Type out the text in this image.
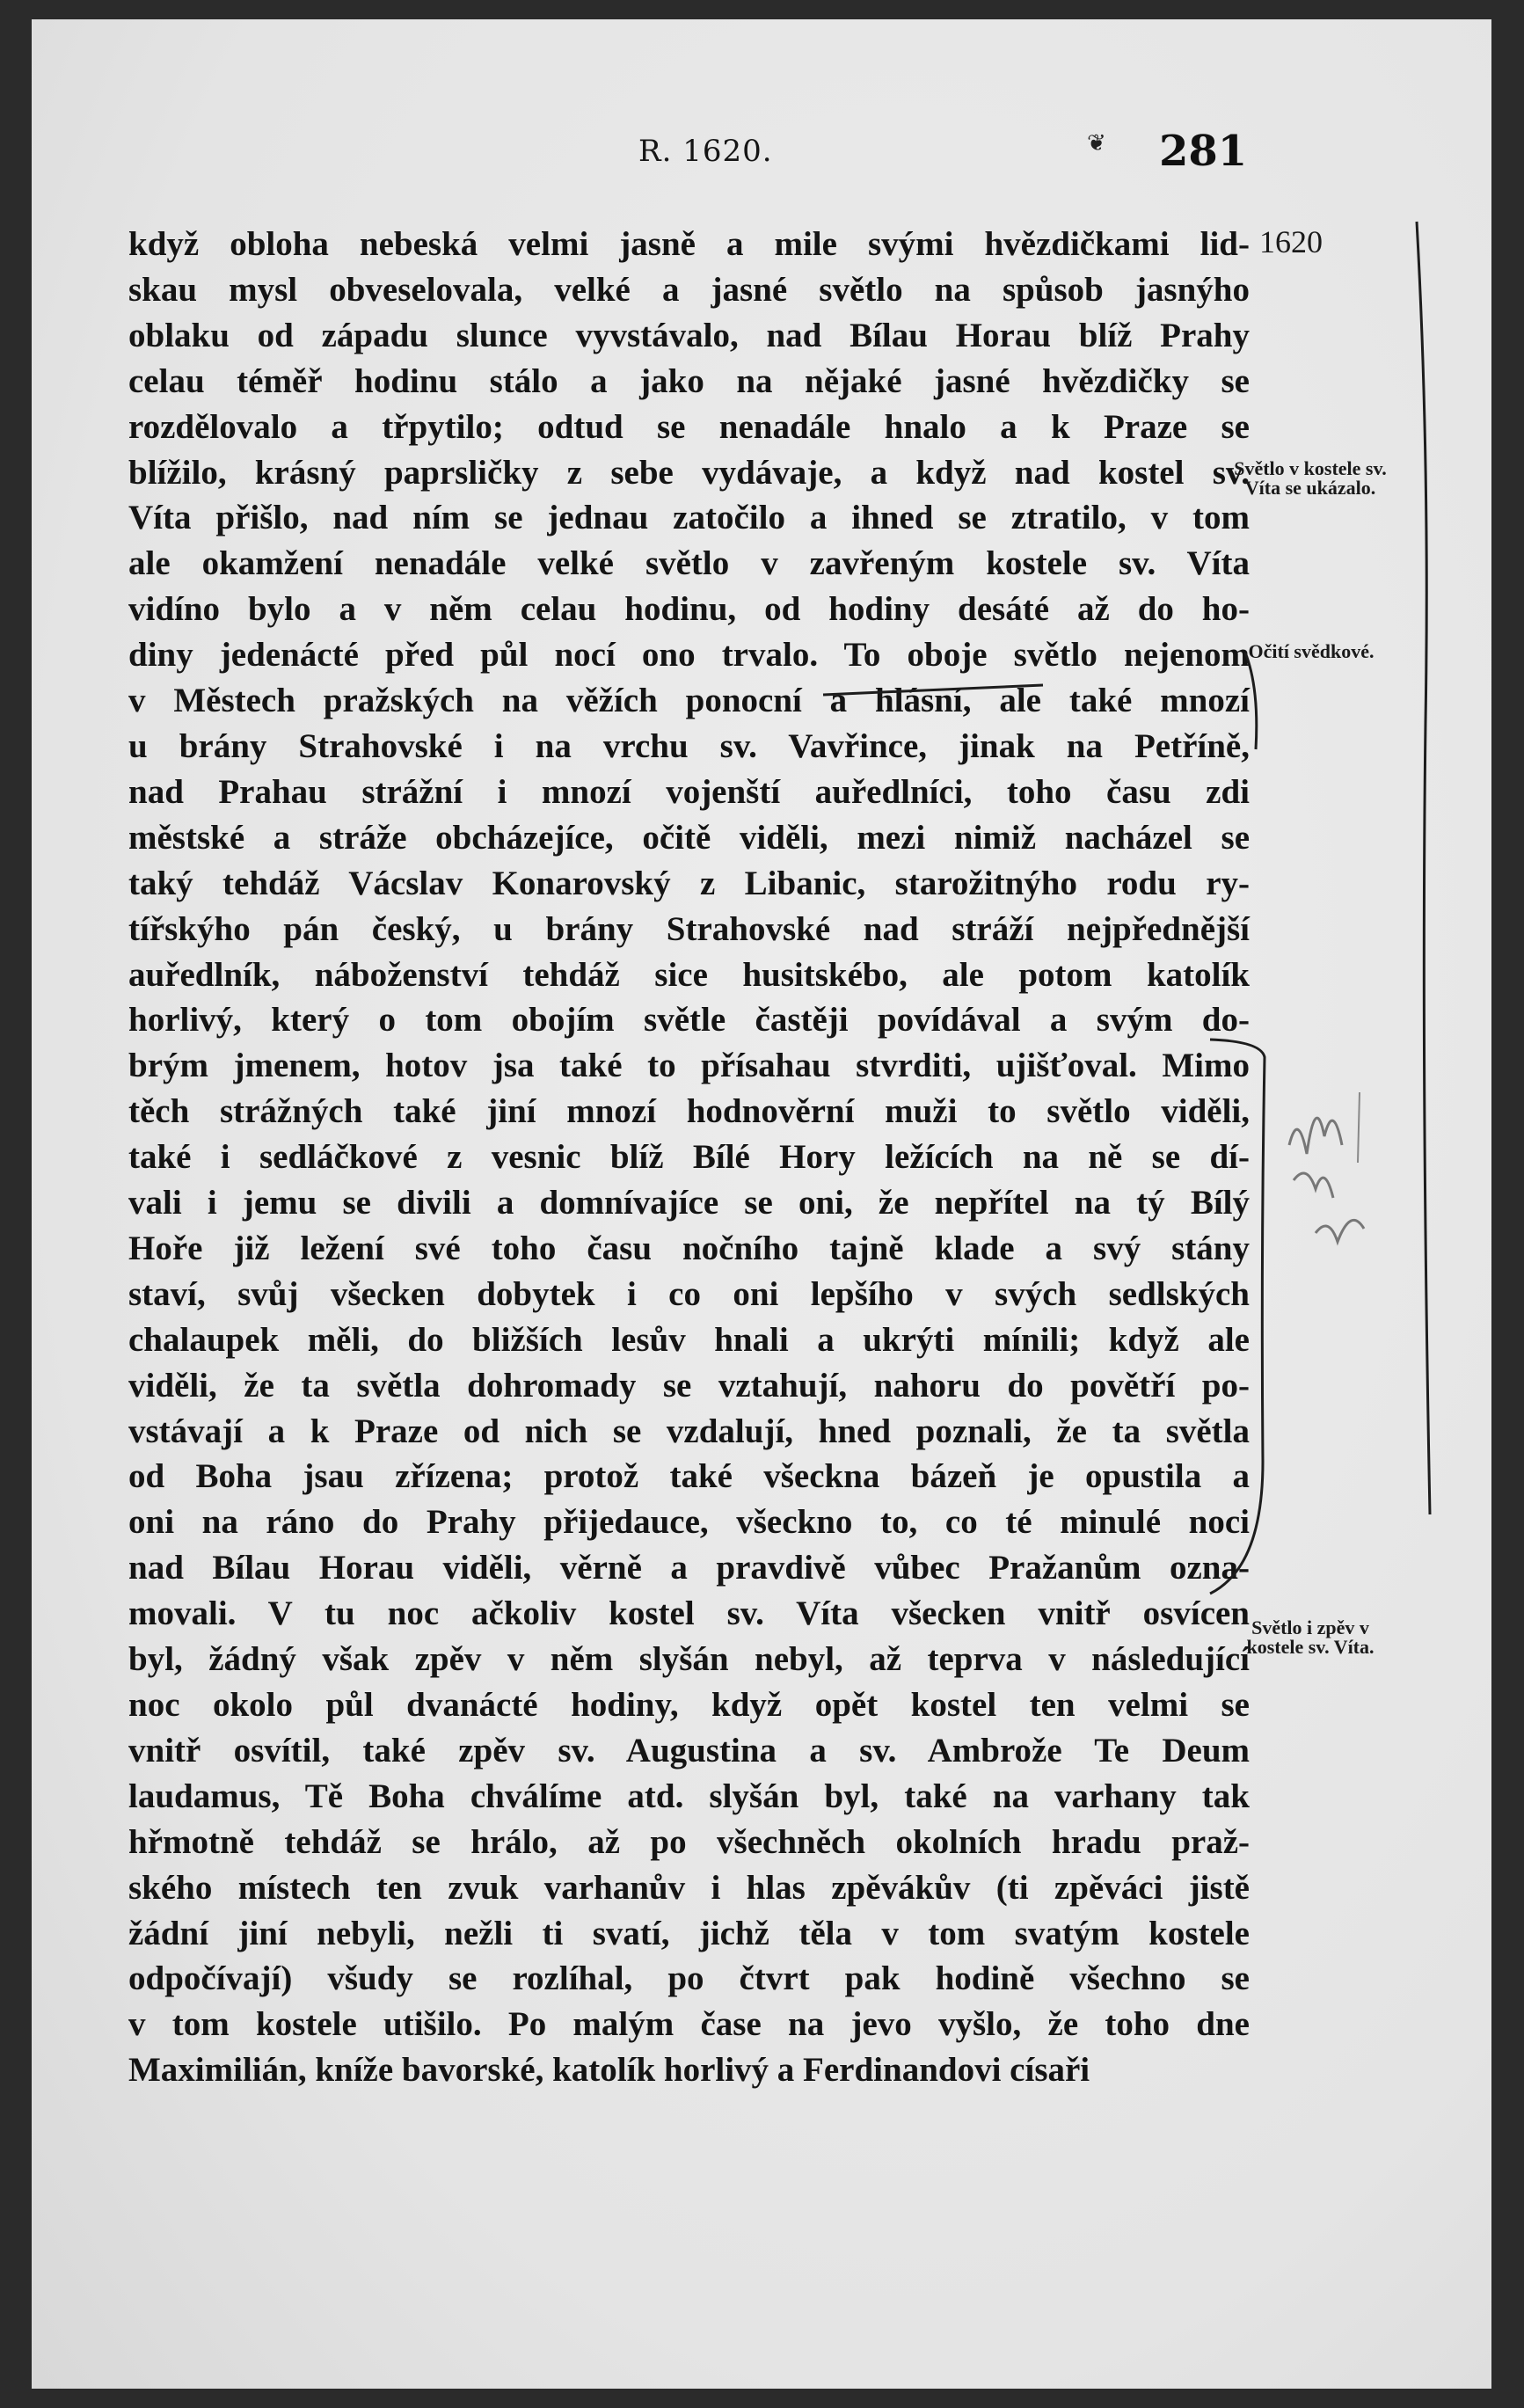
R. 1620.	❦ 281
když obloha nebeská velmi jasně a mile svými hvězdičkami lid-
skau mysl obveselovala, velké a jasné světlo na spůsob jasnýho
oblaku od západu slunce vyvstávalo, nad Bílau Horau blíž Prahy
celau téměř hodinu stálo a jako na nějaké jasné hvězdičky se
rozdělovalo a třpytilo; odtud se nenadále hnalo a k Praze se
blížilo, krásný paprsličky z sebe vydávaje, a když nad kostel sv.
Víta přišlo, nad ním se jednau zatočilo a ihned se ztratilo, v tom
ale okamžení nenadále velké světlo v zavřeným kostele sv. Víta
vidíno bylo a v něm celau hodinu, od hodiny desáté až do ho-
diny jedenácté před půl nocí ono trvalo. To oboje světlo nejenom
v Městech pražských na věžích ponocní a hlásní, ale také mnozí
u brány Strahovské i na vrchu sv. Vavřince, jinak na Petříně,
nad Prahau strážní i mnozí vojenští auředlníci, toho času zdi
městské a stráže obcházejíce, očitě viděli, mezi nimiž nacházel se
taký tehdáž Vácslav Konarovský z Libanic, starožitnýho rodu ry-
tířskýho pán český, u brány Strahovské nad stráží nejpřednější
auředlník, náboženství tehdáž sice husitskébo, ale potom katolík
horlivý, který o tom obojím světle častěji povídával a svým do-
brým jmenem, hotov jsa také to přísahau stvrditi, ujišťoval. Mimo
těch strážných také jiní mnozí hodnověrní muži to světlo viděli,
také i sedláčkové z vesnic blíž Bílé Hory ležících na ně se dí-
vali i jemu se divili a domnívajíce se oni, že nepřítel na tý Bílý
Hoře již ležení své toho času nočního tajně klade a svý stány
staví, svůj všecken dobytek i co oni lepšího v svých sedlských
chalaupek měli, do bližších lesův hnali a ukrýti mínili; když ale
viděli, že ta světla dohromady se vztahují, nahoru do povětří po-
vstávají a k Praze od nich se vzdalují, hned poznali, že ta světla
od Boha jsau zřízena; protož také všeckna bázeň je opustila a
oni na ráno do Prahy přijedauce, všeckno to, co té minulé noci
nad Bílau Horau viděli, věrně a pravdivě vůbec Pražanům ozna-
movali. V tu noc ačkoliv kostel sv. Víta všecken vnitř osvícen
byl, žádný však zpěv v něm slyšán nebyl, až teprva v následující
noc okolo půl dvanácté hodiny, když opět kostel ten velmi se
vnitř osvítil, také zpěv sv. Augustina a sv. Ambrože Te Deum
laudamus, Tě Boha chválíme atd. slyšán byl, také na varhany tak
hřmotně tehdáž se hrálo, až po všechněch okolních hradu praž-
ského místech ten zvuk varhanův i hlas zpěvákův (ti zpěváci jistě
žádní jiní nebyli, nežli ti svatí, jichž těla v tom svatým kostele
odpočívají) všudy se rozlíhal, po čtvrt pak hodině všechno se
v tom kostele utišilo. Po malým čase na jevo vyšlo, že toho dne
Maximilián, kníže bavorské, katolík horlivý a Ferdinandovi císaři
1620
Světlo v kostele sv. Víta se ukázalo.
Očití svědkové.
Světlo i zpěv v kostele sv. Víta.
